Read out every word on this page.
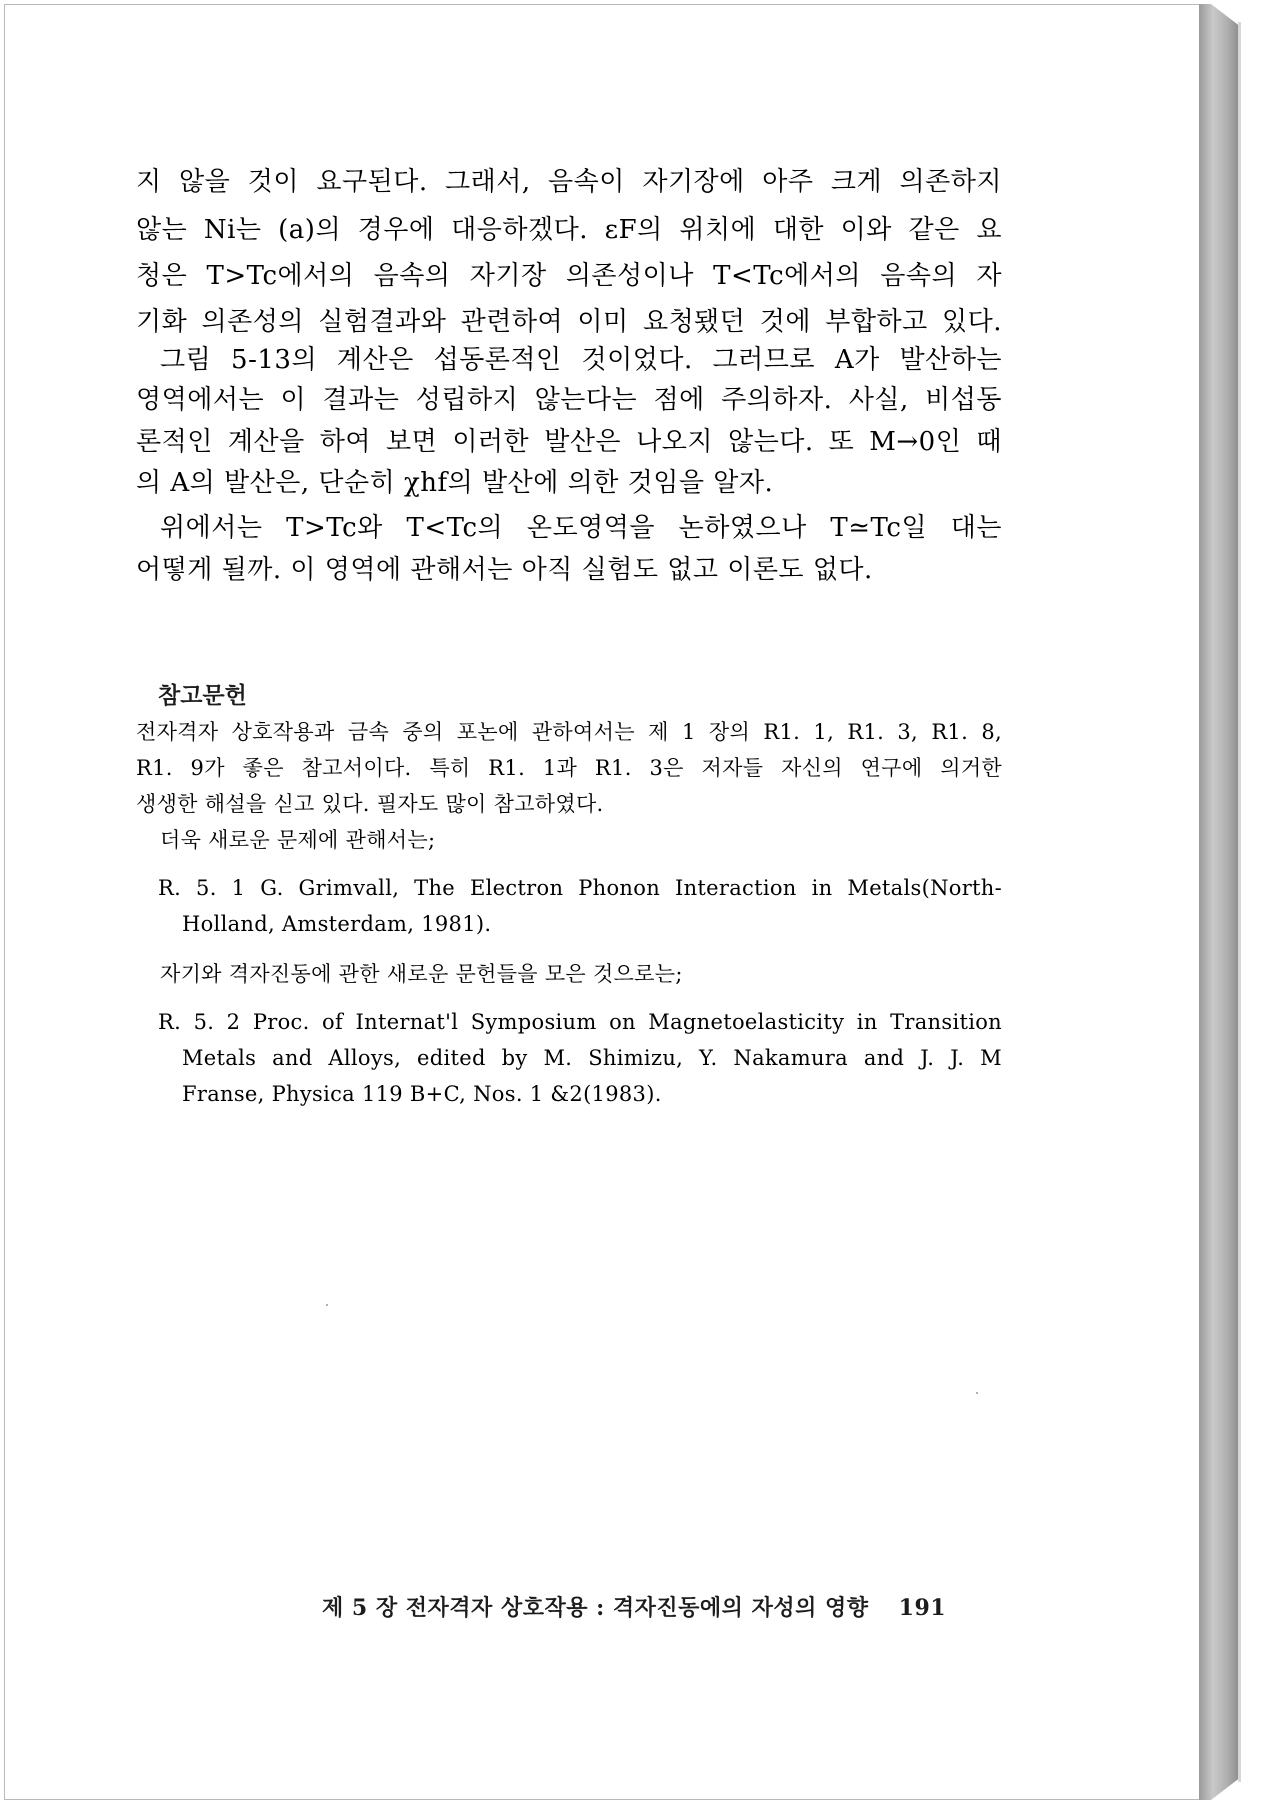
지 않을 것이 요구된다. 그래서, 음속이 자기장에 아주 크게 의존하지
않는 Ni는 (a)의 경우에 대응하겠다. εF의 위치에 대한 이와 같은 요
청은 T>Tc에서의 음속의 자기장 의존성이나 T<Tc에서의 음속의 자
기화 의존성의 실험결과와 관련하여 이미 요청됐던 것에 부합하고 있다.
그림 5-13의 계산은 섭동론적인 것이었다. 그러므로 A가 발산하는
영역에서는 이 결과는 성립하지 않는다는 점에 주의하자. 사실, 비섭동
론적인 계산을 하여 보면 이러한 발산은 나오지 않는다. 또 M→0인 때
의 A의 발산은, 단순히 χhf의 발산에 의한 것임을 알자.
위에서는 T>Tc와 T<Tc의 온도영역을 논하였으나 T≃Tc일 대는
어떻게 될까. 이 영역에 관해서는 아직 실험도 없고 이론도 없다.
참고문헌
전자격자 상호작용과 금속 중의 포논에 관하여서는 제 1 장의 R1. 1, R1. 3, R1. 8,
R1. 9가 좋은 참고서이다. 특히 R1. 1과 R1. 3은 저자들 자신의 연구에 의거한
생생한 해설을 싣고 있다. 필자도 많이 참고하였다.
더욱 새로운 문제에 관해서는;
R. 5. 1 G. Grimvall, The Electron Phonon Interaction in Metals(North-
Holland, Amsterdam, 1981).
자기와 격자진동에 관한 새로운 문헌들을 모은 것으로는;
R. 5. 2 Proc. of Internat'l Symposium on Magnetoelasticity in Transition
Metals and Alloys, edited by M. Shimizu, Y. Nakamura and J. J. M
Franse, Physica 119 B+C, Nos. 1 &2(1983).
제 5 장 전자격자 상호작용 : 격자진동에의 자성의 영향 191
